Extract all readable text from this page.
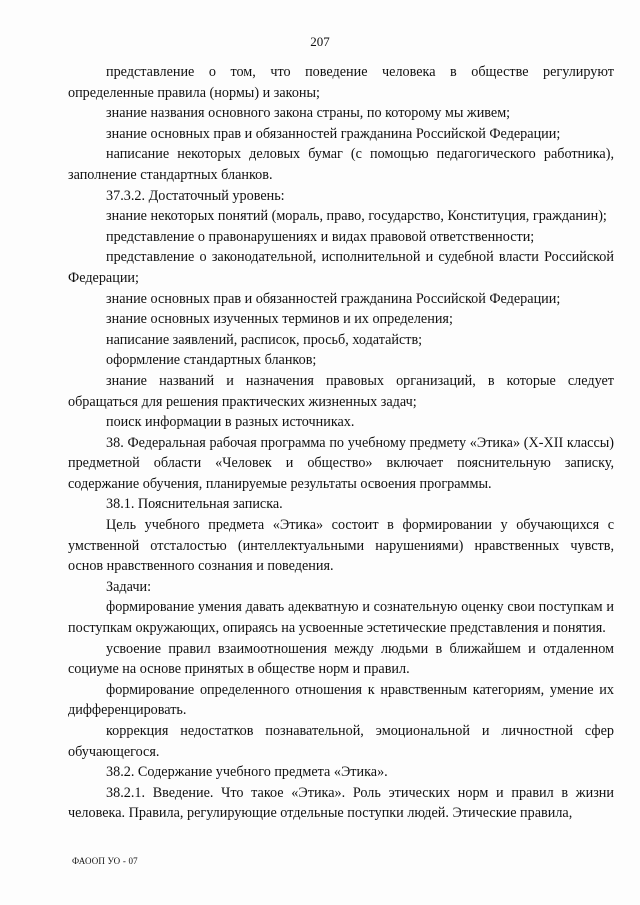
207

представление о том, что поведение человека в обществе регулируют определенные правила (нормы) и законы;

знание названия основного закона страны, по которому мы живем;

знание основных прав и обязанностей гражданина Российской Федерации;

написание некоторых деловых бумаг (с помощью педагогического работника), заполнение стандартных бланков.

37.3.2. Достаточный уровень:

знание некоторых понятий (мораль, право, государство, Конституция, гражданин);

представление о правонарушениях и видах правовой ответственности;

представление о законодательной, исполнительной и судебной власти Российской Федерации;

знание основных прав и обязанностей гражданина Российской Федерации;

знание основных изученных терминов и их определения;

написание заявлений, расписок, просьб, ходатайств;

оформление стандартных бланков;

знание названий и назначения правовых организаций, в которые следует обращаться для решения практических жизненных задач;

поиск информации в разных источниках.

38. Федеральная рабочая программа по учебному предмету «Этика» (X-XII классы) предметной области «Человек и общество» включает пояснительную записку, содержание обучения, планируемые результаты освоения программы.

38.1. Пояснительная записка.

Цель учебного предмета «Этика» состоит в формировании у обучающихся с умственной отсталостью (интеллектуальными нарушениями) нравственных чувств, основ нравственного сознания и поведения.

Задачи:

формирование умения давать адекватную и сознательную оценку свои поступкам и поступкам окружающих, опираясь на усвоенные эстетические представления и понятия.

усвоение правил взаимоотношения между людьми в ближайшем и отдаленном социуме на основе принятых в обществе норм и правил.

формирование определенного отношения к нравственным категориям, умение их дифференцировать.

коррекция недостатков познавательной, эмоциональной и личностной сфер обучающегося.

38.2. Содержание учебного предмета «Этика».

38.2.1. Введение. Что такое «Этика». Роль этических норм и правил в жизни человека. Правила, регулирующие отдельные поступки людей. Этические правила,

ФАООП УО - 07
